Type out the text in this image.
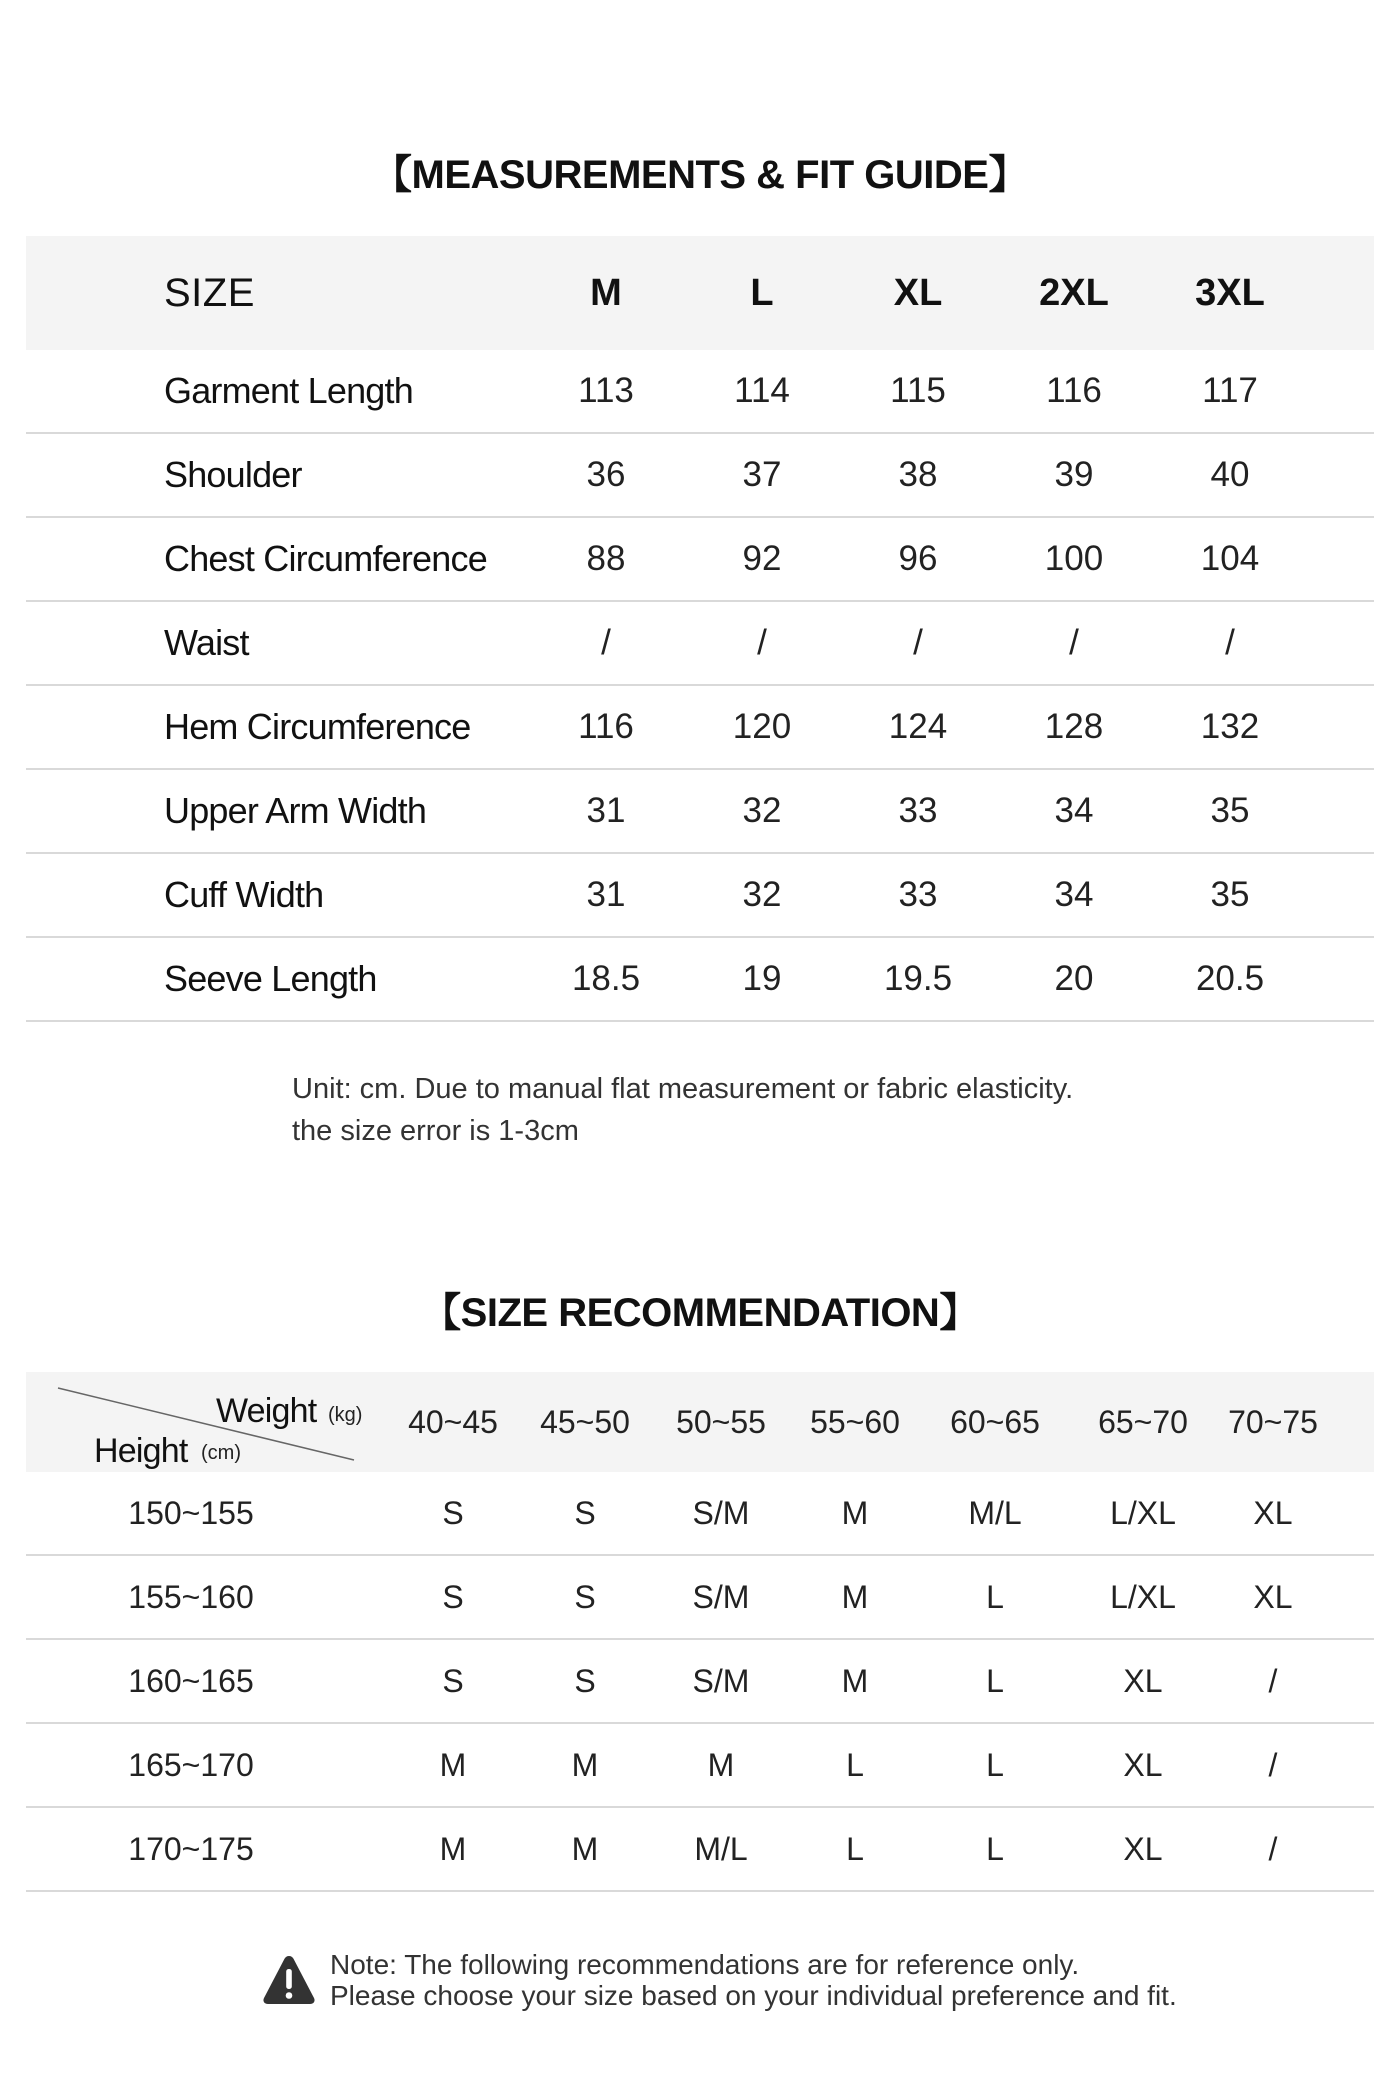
【MEASUREMENTS & FIT GUIDE】
SIZE	M	L	XL	2XL	3XL
Garment Length	113	114	115	116	117
Shoulder	36	37	38	39	40
Chest Circumference	88	92	96	100	104
Waist	/	/	/	/	/
Hem Circumference	116	120	124	128	132
Upper Arm Width	31	32	33	34	35
Cuff Width	31	32	33	34	35
Seeve Length	18.5	19	19.5	20	20.5
Unit: cm. Due to manual flat measurement or fabric elasticity.
the size error is 1-3cm
【SIZE RECOMMENDATION】
Weight (kg)
Height (cm)
40~45	45~50	50~55	55~60	60~65	65~70	70~75
150~155	S	S	S/M	M	M/L	L/XL	XL
155~160	S	S	S/M	M	L	L/XL	XL
160~165	S	S	S/M	M	L	XL	/
165~170	M	M	M	L	L	XL	/
170~175	M	M	M/L	L	L	XL	/
Note: The following recommendations are for reference only.
Please choose your size based on your individual preference and fit.
